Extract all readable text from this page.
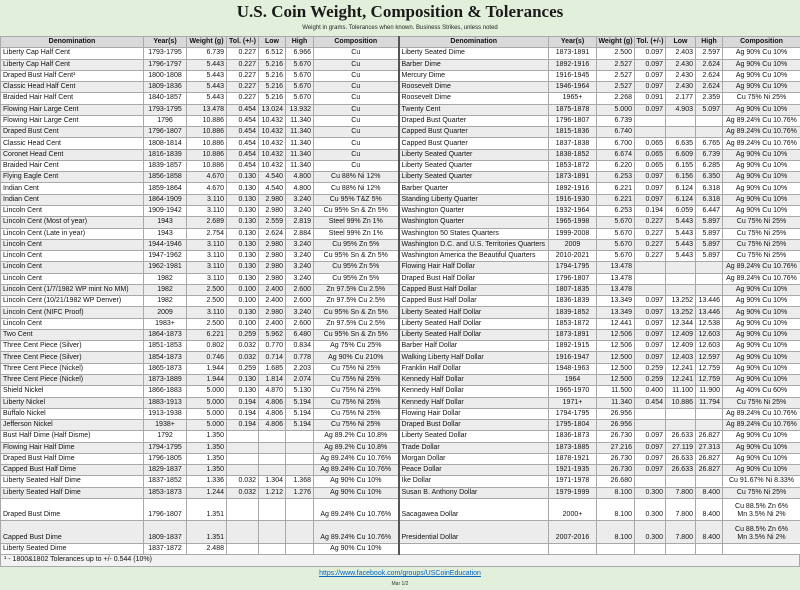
U.S. Coin Weight, Composition & Tolerances
Weight in grams. Tolerances when known. Business Strikes, unless noted
Denomination	Year(s)	Weight (g)	Tol. (+/-)	Low	High	Composition	Denomination	Year(s)	Weight (g)	Tol. (+/-)	Low	High	Composition
Liberty Cap Half Cent	1793-1795	6.739	0.227	6.512	6.966	Cu	Liberty Seated Dime	1873-1891	2.500	0.097	2.403	2.597	Ag 90% Cu 10%
Liberty Cap Half Cent	1796-1797	5.443	0.227	5.216	5.670	Cu	Barber Dime	1892-1916	2.527	0.097	2.430	2.624	Ag 90% Cu 10%
Draped Bust Half Cent¹	1800-1808	5.443	0.227	5.216	5.670	Cu	Mercury Dime	1916-1945	2.527	0.097	2.430	2.624	Ag 90% Cu 10%
Classic Head Half Cent	1809-1836	5.443	0.227	5.216	5.670	Cu	Roosevelt Dime	1946-1964	2.527	0.097	2.430	2.624	Ag 90% Cu 10%
Braided Hair Half Cent	1840-1857	5.443	0.227	5.216	5.670	Cu	Roosevelt Dime	1965+	2.268	0.091	2.177	2.359	Cu 75% Ni 25%
Flowing Hair Large Cent	1793-1795	13.478	0.454	13.024	13.932	Cu	Twenty Cent	1875-1878	5.000	0.097	4.903	5.097	Ag 90% Cu 10%
Flowing Hair Large Cent	1796	10.886	0.454	10.432	11.340	Cu	Draped Bust Quarter	1796-1807	6.739				Ag 89.24% Cu 10.76%
Draped Bust Cent	1796-1807	10.886	0.454	10.432	11.340	Cu	Capped Bust Quarter	1815-1836	6.740				Ag 89.24% Cu 10.76%
Classic Head Cent	1808-1814	10.886	0.454	10.432	11.340	Cu	Capped Bust Quarter	1837-1838	6.700	0.065	6.635	6.765	Ag 89.24% Cu 10.76%
Coronet Head Cent	1816-1839	10.886	0.454	10.432	11.340	Cu	Liberty Seated Quarter	1838-1852	6.674	0.065	6.609	6.739	Ag 90% Cu 10%
Braided Hair Cent	1839-1857	10.886	0.454	10.432	11.340	Cu	Liberty Seated Quarter	1853-1872	6.220	0.065	6.155	6.285	Ag 90% Cu 10%
Flying Eagle Cent	1856-1858	4.670	0.130	4.540	4.800	Cu 88% Ni 12%	Liberty Seated Quarter	1873-1891	6.253	0.097	6.156	6.350	Ag 90% Cu 10%
Indian Cent	1859-1864	4.670	0.130	4.540	4.800	Cu 88% Ni 12%	Barber Quarter	1892-1916	6.221	0.097	6.124	6.318	Ag 90% Cu 10%
Indian Cent	1864-1909	3.110	0.130	2.980	3.240	Cu 95% T&Z 5%	Standing Liberty Quarter	1916-1930	6.221	0.097	6.124	6.318	Ag 90% Cu 10%
Lincoln Cent	1909-1942	3.110	0.130	2.980	3.240	Cu 95% Sn & Zn 5%	Washington Quarter	1932-1964	6.253	0.194	6.059	6.447	Ag 90% Cu 10%
Lincoln Cent (Most of year)	1943	2.689	0.130	2.559	2.819	Steel 99% Zn 1%	Washington Quarter	1965-1998	5.670	0.227	5.443	5.897	Cu 75% Ni 25%
Lincoln Cent (Late in year)	1943	2.754	0.130	2.624	2.884	Steel 99% Zn 1%	Washington 50 States Quarters	1999-2008	5.670	0.227	5.443	5.897	Cu 75% Ni 25%
Lincoln Cent	1944-1946	3.110	0.130	2.980	3.240	Cu 95% Zn 5%	Washington D.C. and U.S. Territories Quarters	2009	5.670	0.227	5.443	5.897	Cu 75% Ni 25%
Lincoln Cent	1947-1962	3.110	0.130	2.980	3.240	Cu 95% Sn & Zn 5%	Washington America the Beautiful Quarters	2010-2021	5.670	0.227	5.443	5.897	Cu 75% Ni 25%
Lincoln Cent	1962-1981	3.110	0.130	2.980	3.240	Cu 95% Zn 5%	Flowing Hair Half Dollar	1794-1795	13.478				Ag 89.24% Cu 10.76%
Lincoln Cent	1982	3.110	0.130	2.980	3.240	Cu 95% Zn 5%	Draped Bust Half Dollar	1796-1807	13.478				Ag 89.24% Cu 10.76%
Lincoln Cent (1/7/1982 WP mint No MM)	1982	2.500	0.100	2.400	2.600	Zn 97.5% Cu 2.5%	Capped Bust Half Dollar	1807-1835	13.478				Ag 90% Cu 10%
Lincoln Cent (10/21/1982 WP Denver)	1982	2.500	0.100	2.400	2.600	Zn 97.5% Cu 2.5%	Capped Bust Half Dollar	1836-1839	13.349	0.097	13.252	13.446	Ag 90% Cu 10%
Lincoln Cent (NIFC Proof)	2009	3.110	0.130	2.980	3.240	Cu 95% Sn & Zn 5%	Liberty Seated Half Dollar	1839-1852	13.349	0.097	13.252	13.446	Ag 90% Cu 10%
Lincoln Cent	1983+	2.500	0.100	2.400	2.600	Zn 97.5% Cu 2.5%	Liberty Seated Half Dollar	1853-1872	12.441	0.097	12.344	12.538	Ag 90% Cu 10%
Two Cent	1864-1873	6.221	0.259	5.962	6.480	Cu 95% Sn & Zn 5%	Liberty Seated Half Dollar	1873-1891	12.506	0.097	12.409	12.603	Ag 90% Cu 10%
Three Cent Piece (Silver)	1851-1853	0.802	0.032	0.770	0.834	Ag 75% Cu 25%	Barber Half Dollar	1892-1915	12.506	0.097	12.409	12.603	Ag 90% Cu 10%
Three Cent Piece (Silver)	1854-1873	0.746	0.032	0.714	0.778	Ag 90% Cu 210%	Walking Liberty Half Dollar	1916-1947	12.500	0.097	12.403	12.597	Ag 90% Cu 10%
Three Cent Piece (Nickel)	1865-1873	1.944	0.259	1.685	2.203	Cu 75% Ni 25%	Franklin Half Dollar	1948-1963	12.500	0.259	12.241	12.759	Ag 90% Cu 10%
Three Cent Piece (Nickel)	1873-1889	1.944	0.130	1.814	2.074	Cu 75% Ni 25%	Kennedy Half Dollar	1964	12.500	0.259	12.241	12.759	Ag 90% Cu 10%
Shield Nickel	1866-1883	5.000	0.130	4.870	5.130	Cu 75% Ni 25%	Kennedy Half Dollar	1965-1970	11.500	0.400	11.100	11.900	Ag 40% Cu 60%
Liberty Nickel	1883-1913	5.000	0.194	4.806	5.194	Cu 75% Ni 25%	Kennedy Half Dollar	1971+	11.340	0.454	10.886	11.794	Cu 75% Ni 25%
Buffalo Nickel	1913-1938	5.000	0.194	4.806	5.194	Cu 75% Ni 25%	Flowing Hair Dollar	1794-1795	26.956				Ag 89.24% Cu 10.76%
Jefferson Nickel	1938+	5.000	0.194	4.806	5.194	Cu 75% Ni 25%	Draped Bust Dollar	1795-1804	26.956				Ag 89.24% Cu 10.76%
Bust Half Dime (Half Disme)	1792	1.350				Ag 89.2% Cu 10.8%	Liberty Seated Dollar	1836-1873	26.730	0.097	26.633	26.827	Ag 90% Cu 10%
Flowing Hair Half Dime	1794-1795	1.350				Ag 89.2% Cu 10.8%	Trade Dollar	1873-1885	27.216	0.097	27.119	27.313	Ag 90% Cu 10%
Draped Bust Half Dime	1796-1805	1.350				Ag 89.24% Cu 10.76%	Morgan Dollar	1878-1921	26.730	0.097	26.633	26.827	Ag 90% Cu 10%
Capped Bust Half Dime	1829-1837	1.350				Ag 89.24% Cu 10.76%	Peace Dollar	1921-1935	26.730	0.097	26.633	26.827	Ag 90% Cu 10%
Liberty Seated Half Dime	1837-1852	1.336	0.032	1.304	1.368	Ag 90% Cu 10%	Ike Dollar	1971-1978	26.680				Cu 91.67% Ni 8.33%
Liberty Seated Half Dime	1853-1873	1.244	0.032	1.212	1.276	Ag 90% Cu 10%	Susan B. Anthony Dollar	1979-1999	8.100	0.300	7.800	8.400	Cu 75% Ni 25%
Draped Bust Dime	1796-1807	1.351				Ag 89.24% Cu 10.76%	Sacagawea Dollar	2000+	8.100	0.300	7.800	8.400	Cu 88.5% Zn 6%
Mn 3.5% Ni 2%
Capped Bust Dime	1809-1837	1.351				Ag 89.24% Cu 10.76%	Presidential Dollar	2007-2016	8.100	0.300	7.800	8.400	Cu 88.5% Zn 6%
Mn 3.5% Ni 2%
Liberty Seated Dime	1837-1872	2.488				Ag 90% Cu 10%							
¹ - 1800&1802 Tolerances up to +/- 0.544 (10%)
https://www.facebook.com/groups/USCoinEducation
Mar 1/2
